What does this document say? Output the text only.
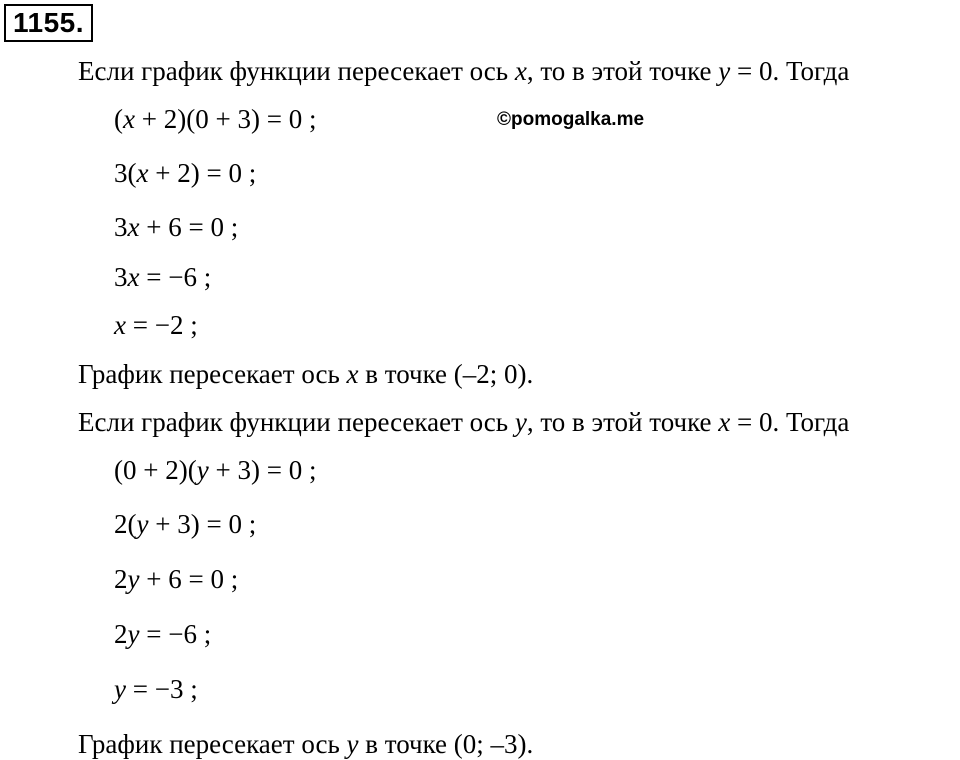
1155.
Если график функции пересекает ось x, то в этой точке y = 0. Тогда
(x + 2)(0 + 3) = 0 ;	©pomogalka.me
3(x + 2) = 0 ;
3x + 6 = 0 ;
3x = −6 ;
x = −2 ;
График пересекает ось x в точке (–2; 0).
Если график функции пересекает ось y, то в этой точке x = 0. Тогда
(0 + 2)(y + 3) = 0 ;
2(y + 3) = 0 ;
2y + 6 = 0 ;
2y = −6 ;
y = −3 ;
График пересекает ось y в точке (0; –3).
